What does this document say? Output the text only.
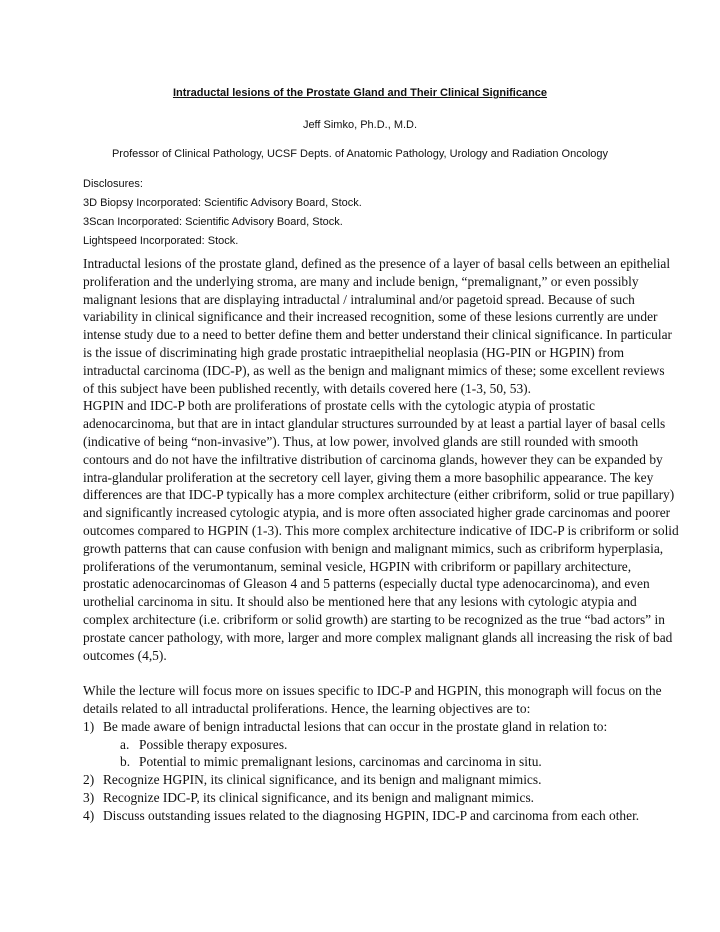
Intraductal lesions of the Prostate Gland and Their Clinical Significance
Jeff Simko, Ph.D., M.D.
Professor of Clinical Pathology, UCSF Depts. of Anatomic Pathology, Urology and Radiation Oncology
Disclosures:
3D Biopsy Incorporated: Scientific Advisory Board, Stock.
3Scan Incorporated: Scientific Advisory Board, Stock.
Lightspeed Incorporated: Stock.

Intraductal lesions of the prostate gland, defined as the presence of a layer of basal cells between an epithelial proliferation and the underlying stroma, are many and include benign, “premalignant,” or even possibly malignant lesions that are displaying intraductal / intraluminal and/or pagetoid spread. Because of such variability in clinical significance and their increased recognition, some of these lesions currently are under intense study due to a need to better define them and better understand their clinical significance. In particular is the issue of discriminating high grade prostatic intraepithelial neoplasia (HG-PIN or HGPIN) from intraductal carcinoma (IDC-P), as well as the benign and malignant mimics of these; some excellent reviews of this subject have been published recently, with details covered here (1-3, 50, 53).

HGPIN and IDC-P both are proliferations of prostate cells with the cytologic atypia of prostatic adenocarcinoma, but that are in intact glandular structures surrounded by at least a partial layer of basal cells (indicative of being “non-invasive”). Thus, at low power, involved glands are still rounded with smooth contours and do not have the infiltrative distribution of carcinoma glands, however they can be expanded by intra-glandular proliferation at the secretory cell layer, giving them a more basophilic appearance. The key differences are that IDC-P typically has a more complex architecture (either cribriform, solid or true papillary) and significantly increased cytologic atypia, and is more often associated higher grade carcinomas and poorer outcomes compared to HGPIN (1-3). This more complex architecture indicative of IDC-P is cribriform or solid growth patterns that can cause confusion with benign and malignant mimics, such as cribriform hyperplasia, proliferations of the verumontanum, seminal vesicle, HGPIN with cribriform or papillary architecture, prostatic adenocarcinomas of Gleason 4 and 5 patterns (especially ductal type adenocarcinoma), and even urothelial carcinoma in situ. It should also be mentioned here that any lesions with cytologic atypia and complex architecture (i.e. cribriform or solid growth) are starting to be recognized as the true “bad actors” in prostate cancer pathology, with more, larger and more complex malignant glands all increasing the risk of bad outcomes (4,5).

While the lecture will focus more on issues specific to IDC-P and HGPIN, this monograph will focus on the details related to all intraductal proliferations. Hence, the learning objectives are to:

1) Be made aware of benign intraductal lesions that can occur in the prostate gland in relation to:
a. Possible therapy exposures.
b. Potential to mimic premalignant lesions, carcinomas and carcinoma in situ.
2) Recognize HGPIN, its clinical significance, and its benign and malignant mimics.
3) Recognize IDC-P, its clinical significance, and its benign and malignant mimics.
4) Discuss outstanding issues related to the diagnosing HGPIN, IDC-P and carcinoma from each other.
